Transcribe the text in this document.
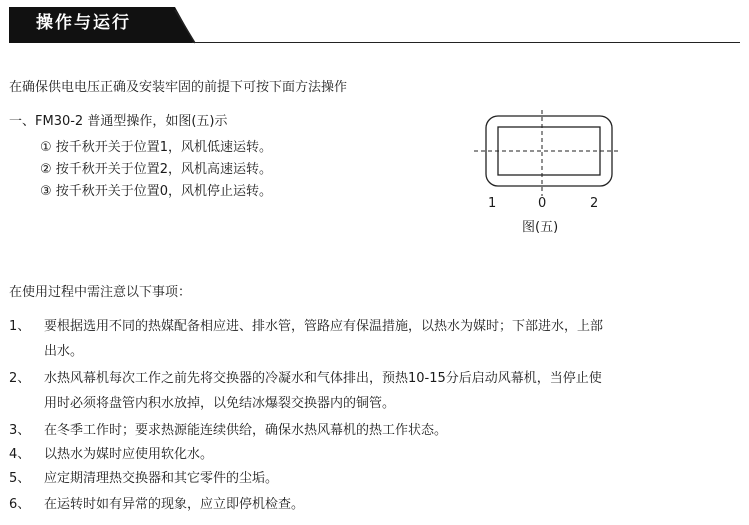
操作与运行
在确保供电电压正确及安装牢固的前提下可按下面方法操作
一、FM30-2 普通型操作，如图(五)示
① 按千秋开关于位置1，风机低速运转。
② 按千秋开关于位置2，风机高速运转。
③ 按千秋开关于位置0，风机停止运转。
1	0	2
图(五)
在使用过程中需注意以下事项：
1、 要根据选用不同的热媒配备相应进、排水管，管路应有保温措施，以热水为媒时；下部进水，上部
出水。
2、 水热风幕机每次工作之前先将交换器的冷凝水和气体排出，预热10-15分后启动风幕机，当停止使
用时必须将盘管内积水放掉，以免结冰爆裂交换器内的铜管。
3、 在冬季工作时；要求热源能连续供给，确保水热风幕机的热工作状态。
4、 以热水为媒时应使用软化水。
5、 应定期清理热交换器和其它零件的尘垢。
6、 在运转时如有异常的现象，应立即停机检查。
